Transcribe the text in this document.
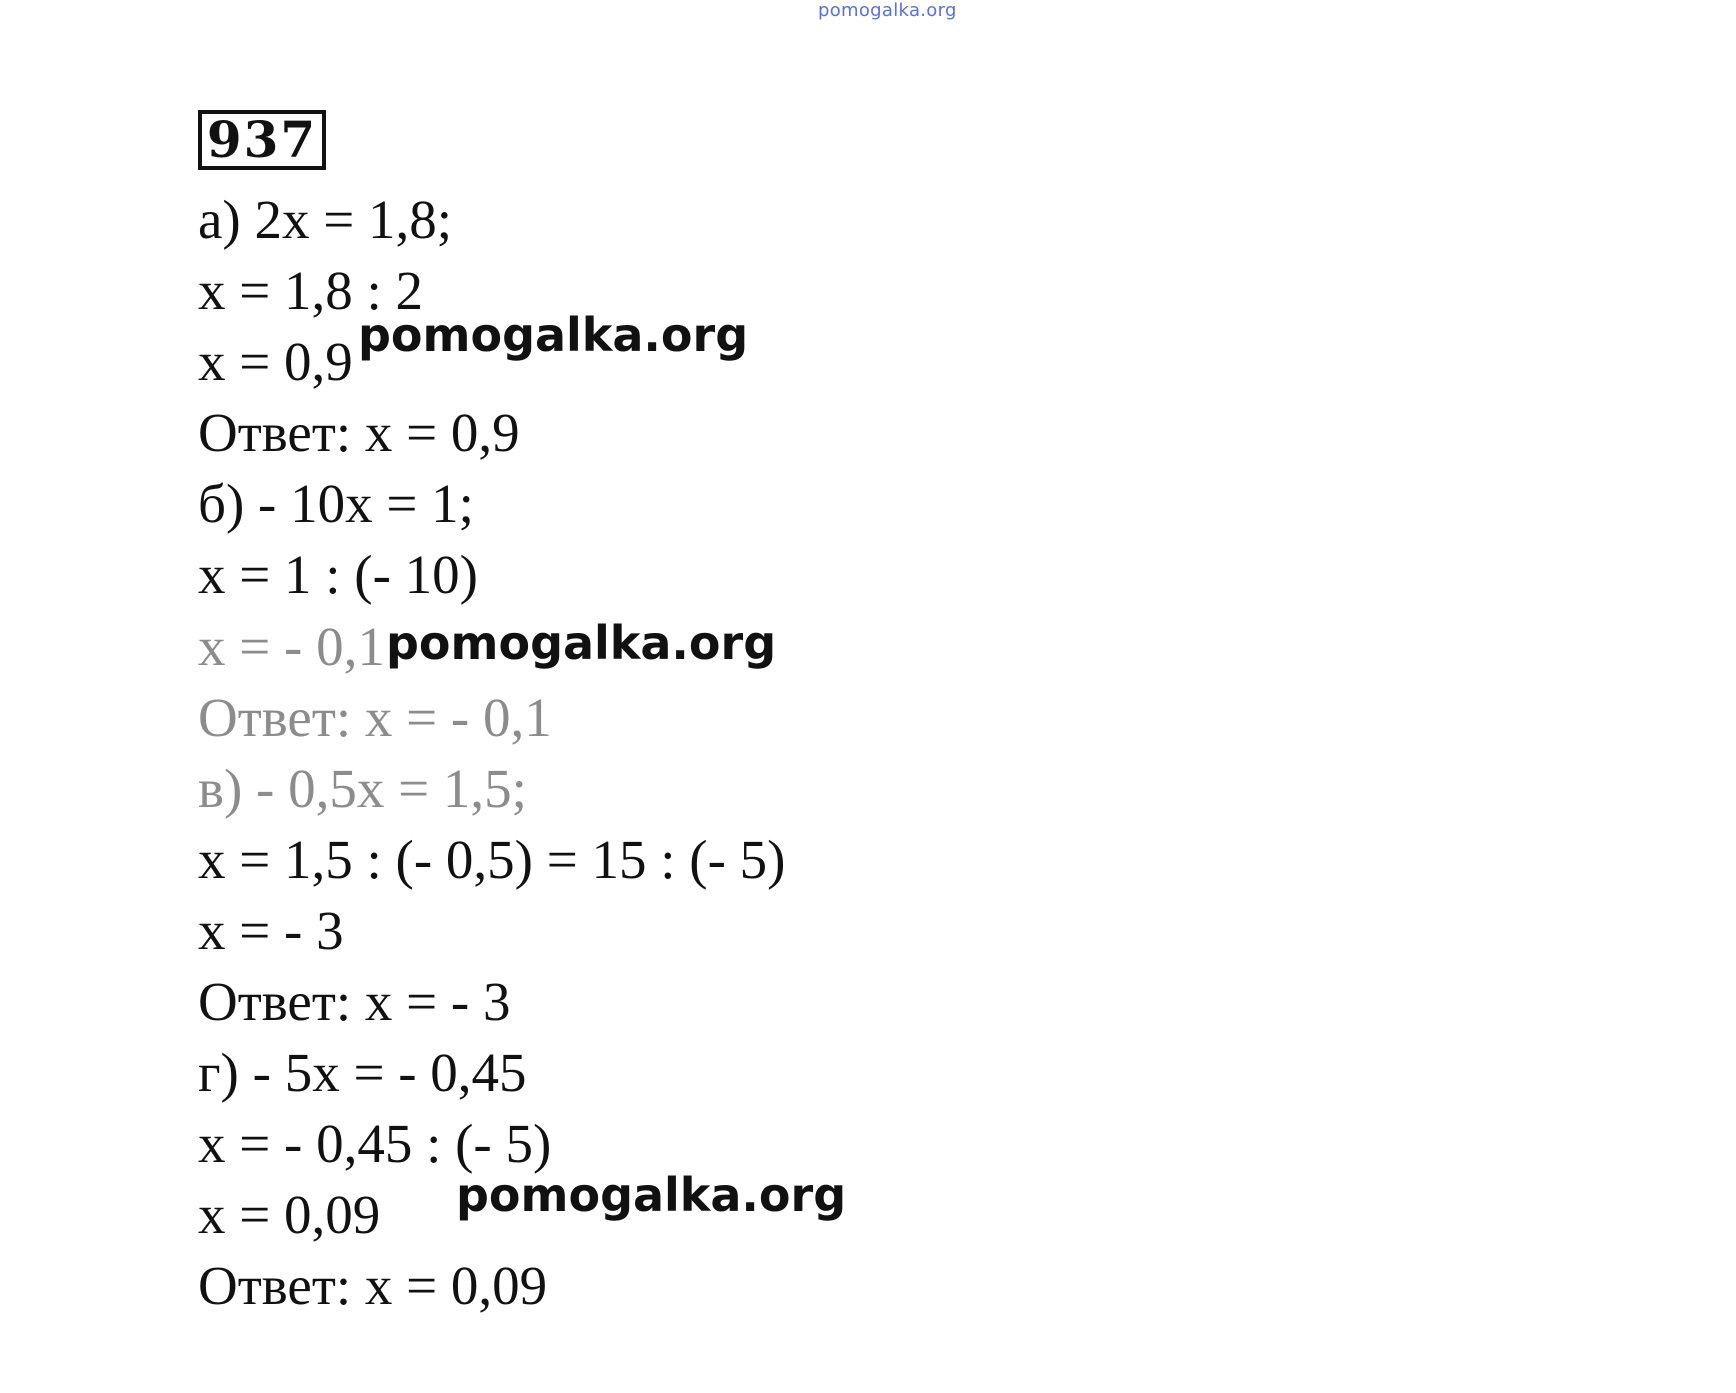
pomogalka.org
937
а) 2x = 1,8;
x = 1,8 : 2
x = 0,9
Ответ: x = 0,9
б) - 10x = 1;
x = 1 : (- 10)
x = - 0,1
Ответ: x = - 0,1
в) - 0,5x = 1,5;
x = 1,5 : (- 0,5) = 15 : (- 5)
x = - 3
Ответ: x = - 3
г) - 5x = - 0,45
x = - 0,45 : (- 5)
x = 0,09
Ответ: x = 0,09
pomogalka.org
pomogalka.org
pomogalka.org
